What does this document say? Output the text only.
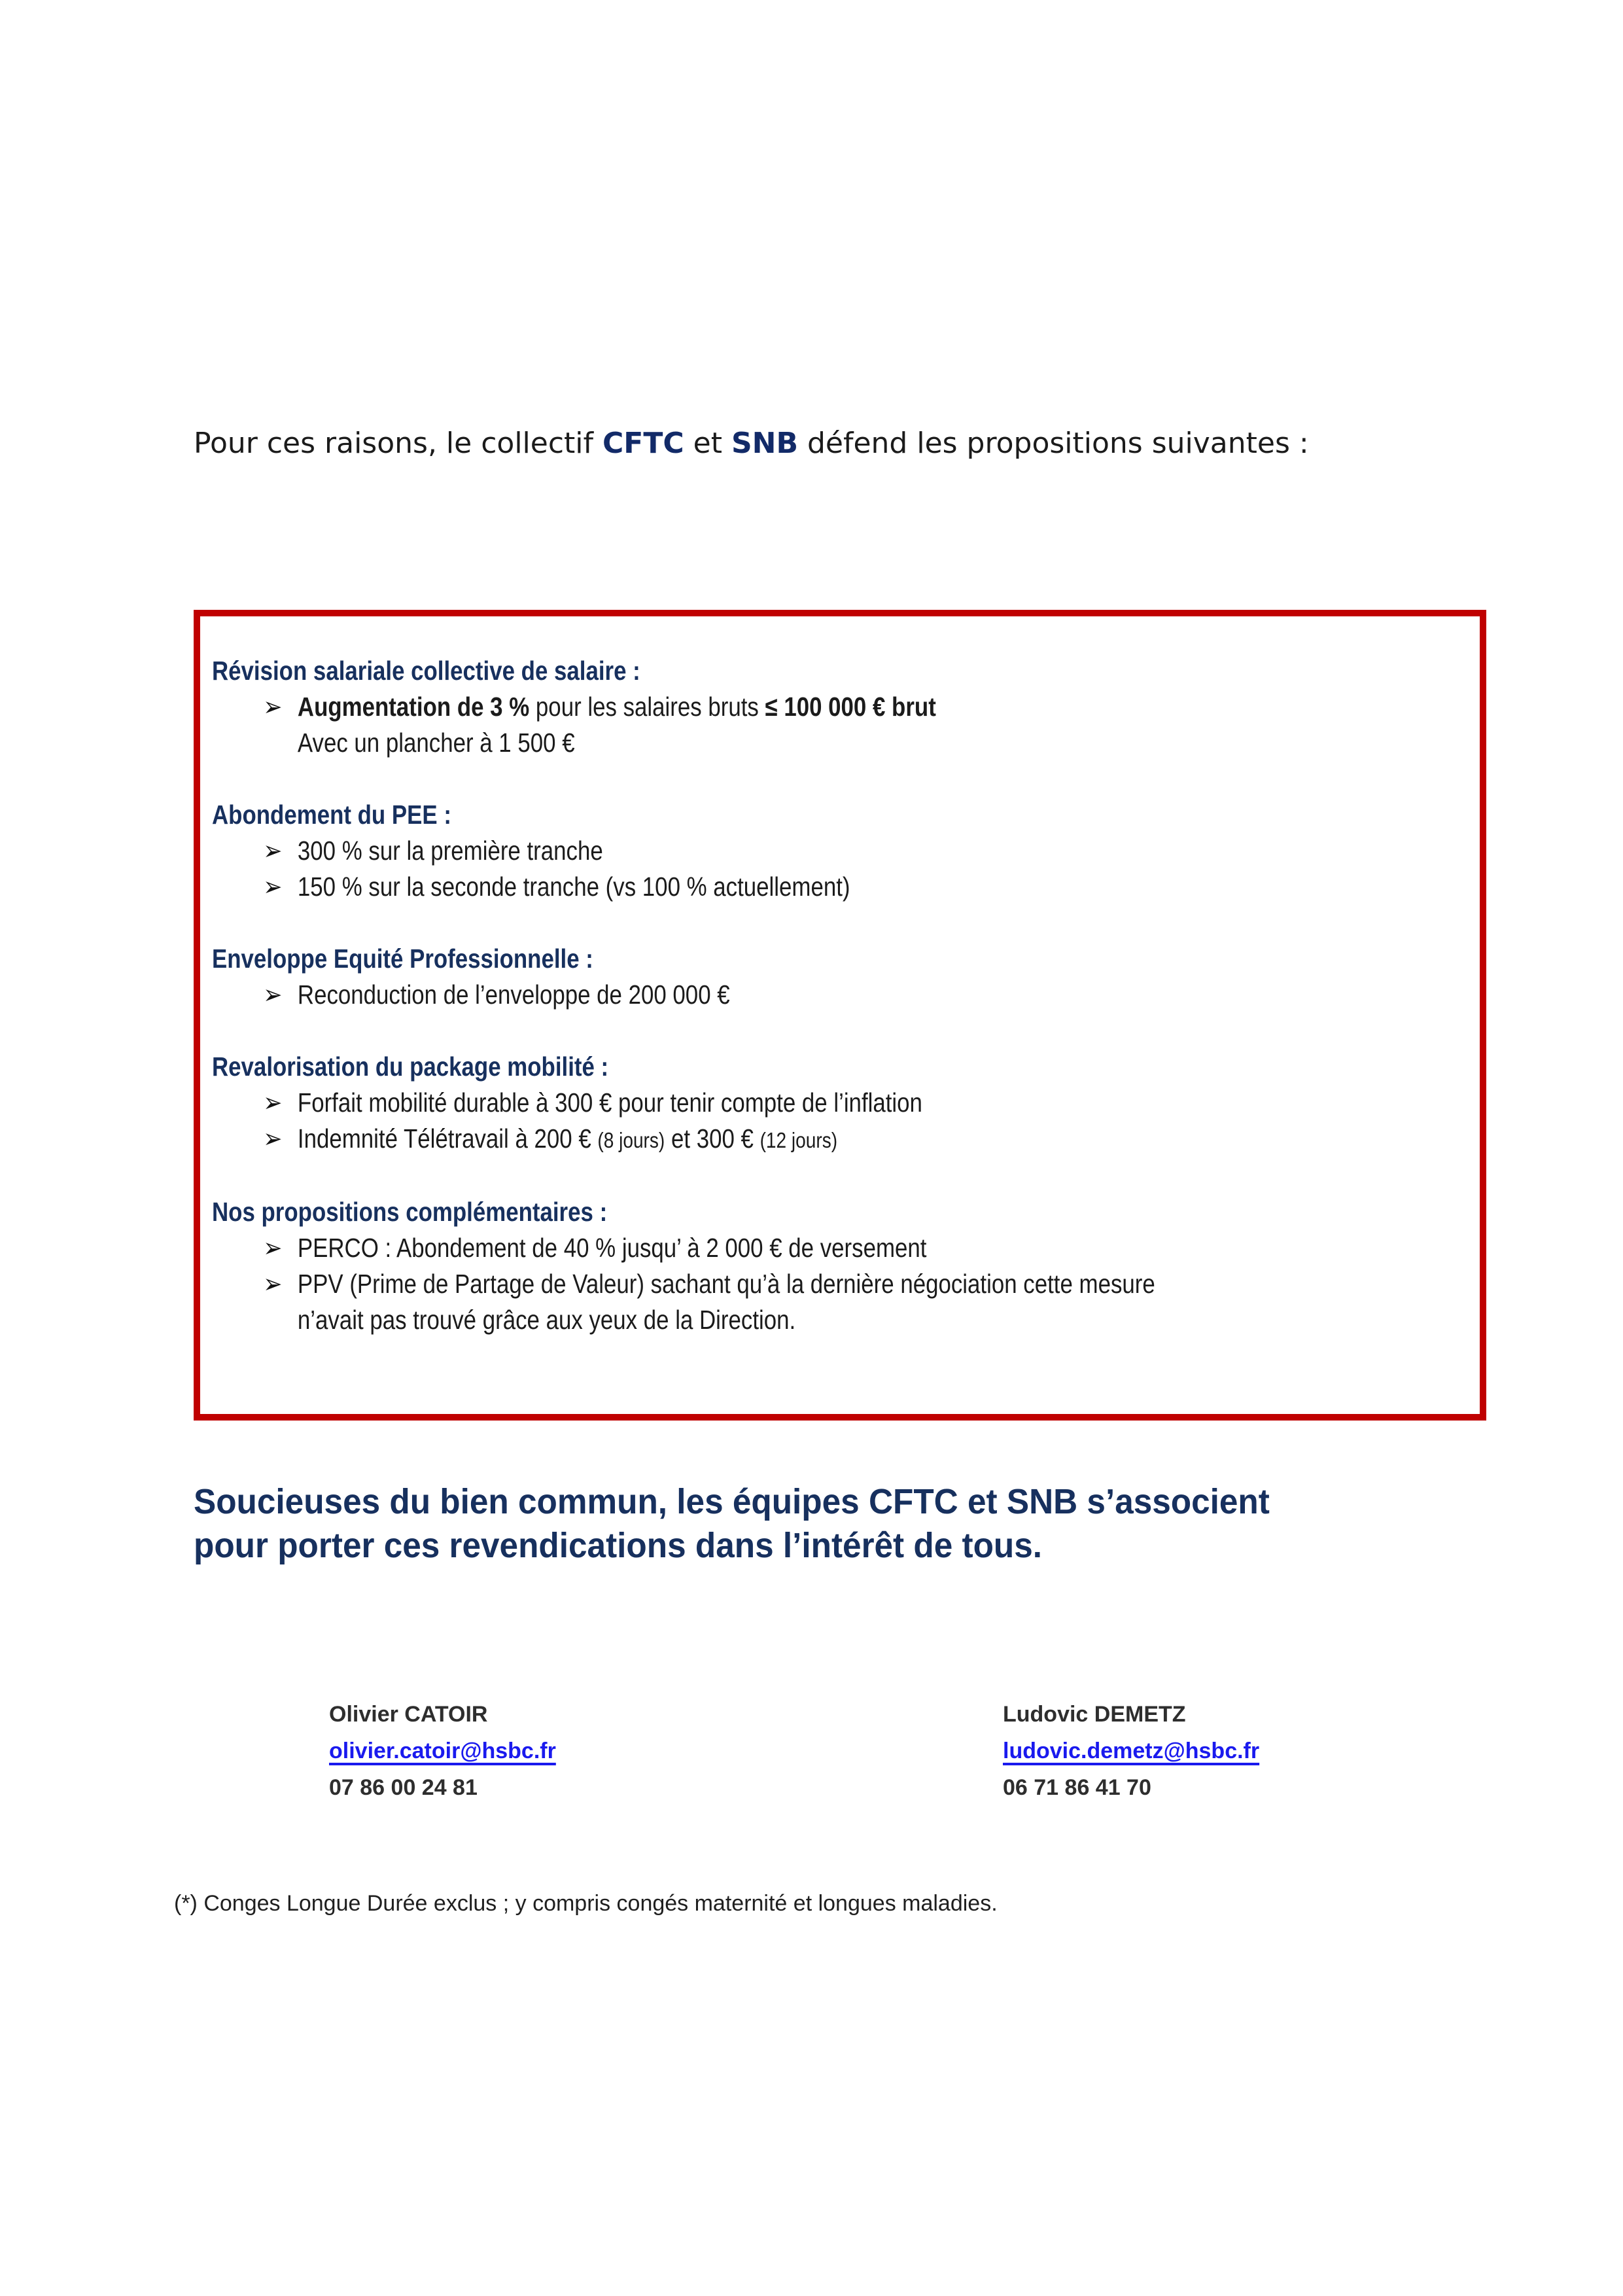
Pour ces raisons, le collectif CFTC et SNB défend les propositions suivantes :

Révision salariale collective de salaire :
➢ Augmentation de 3 % pour les salaires bruts ≤ 100 000 € brut
Avec un plancher à 1 500 €
Abondement du PEE :
➢ 300 % sur la première tranche
➢ 150 % sur la seconde tranche (vs 100 % actuellement)
Enveloppe Equité Professionnelle :
➢ Reconduction de l’enveloppe de 200 000 €
Revalorisation du package mobilité :
➢ Forfait mobilité durable à 300 € pour tenir compte de l’inflation
➢ Indemnité Télétravail à 200 € (8 jours) et 300 € (12 jours)
Nos propositions complémentaires :
➢ PERCO : Abondement de 40 % jusqu’ à 2 000 € de versement
➢ PPV (Prime de Partage de Valeur) sachant qu’à la dernière négociation cette mesure
n’avait pas trouvé grâce aux yeux de la Direction.
Soucieuses du bien commun, les équipes CFTC et SNB s’associent
pour porter ces revendications dans l’intérêt de tous.
Olivier CATOIR
olivier.catoir@hsbc.fr
07 86 00 24 81
Ludovic DEMETZ
ludovic.demetz@hsbc.fr
06 71 86 41 70
(*) Conges Longue Durée exclus ; y compris congés maternité et longues maladies.
